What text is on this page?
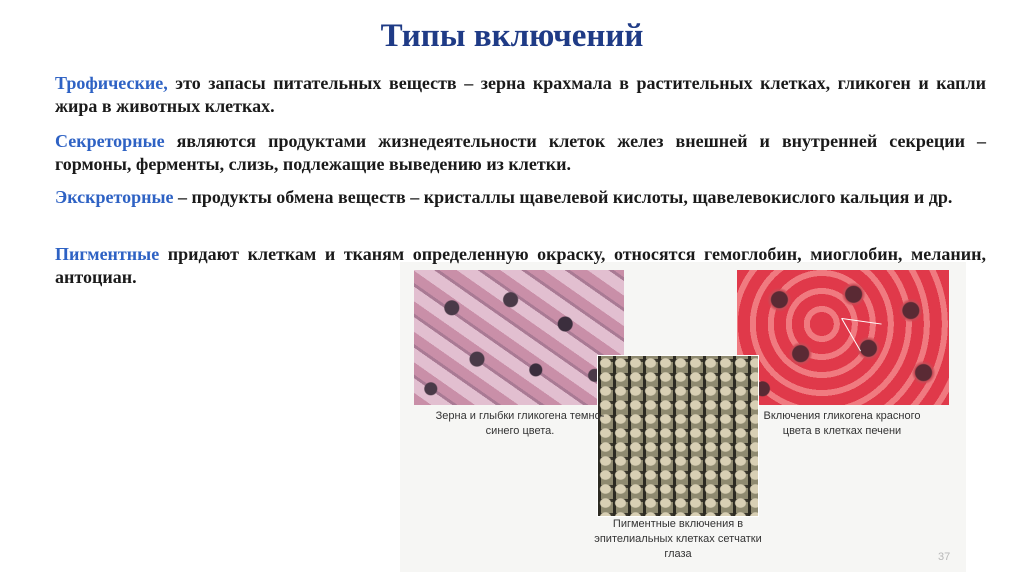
Типы включений
Трофические, это запасы питательных веществ – зерна крахмала в растительных клетках, гликоген и капли жира в животных клетках.
Секреторные являются продуктами жизнедеятельности клеток желез внешней и внутренней секреции – гормоны, ферменты, слизь, подлежащие выведению из клетки.
Экскреторные – продукты обмена веществ – кристаллы щавелевой кислоты, щавелевокислого кальция и др.
Зерна и глыбки гликогена темно-синего цвета.
Включения гликогена красного цвета в клетках печени
Пигментные включения в эпителиальных клетках сетчатки глаза
Пигментные придают клеткам и тканям определенную окраску, относятся гемоглобин, миоглобин, меланин, антоциан.
37
